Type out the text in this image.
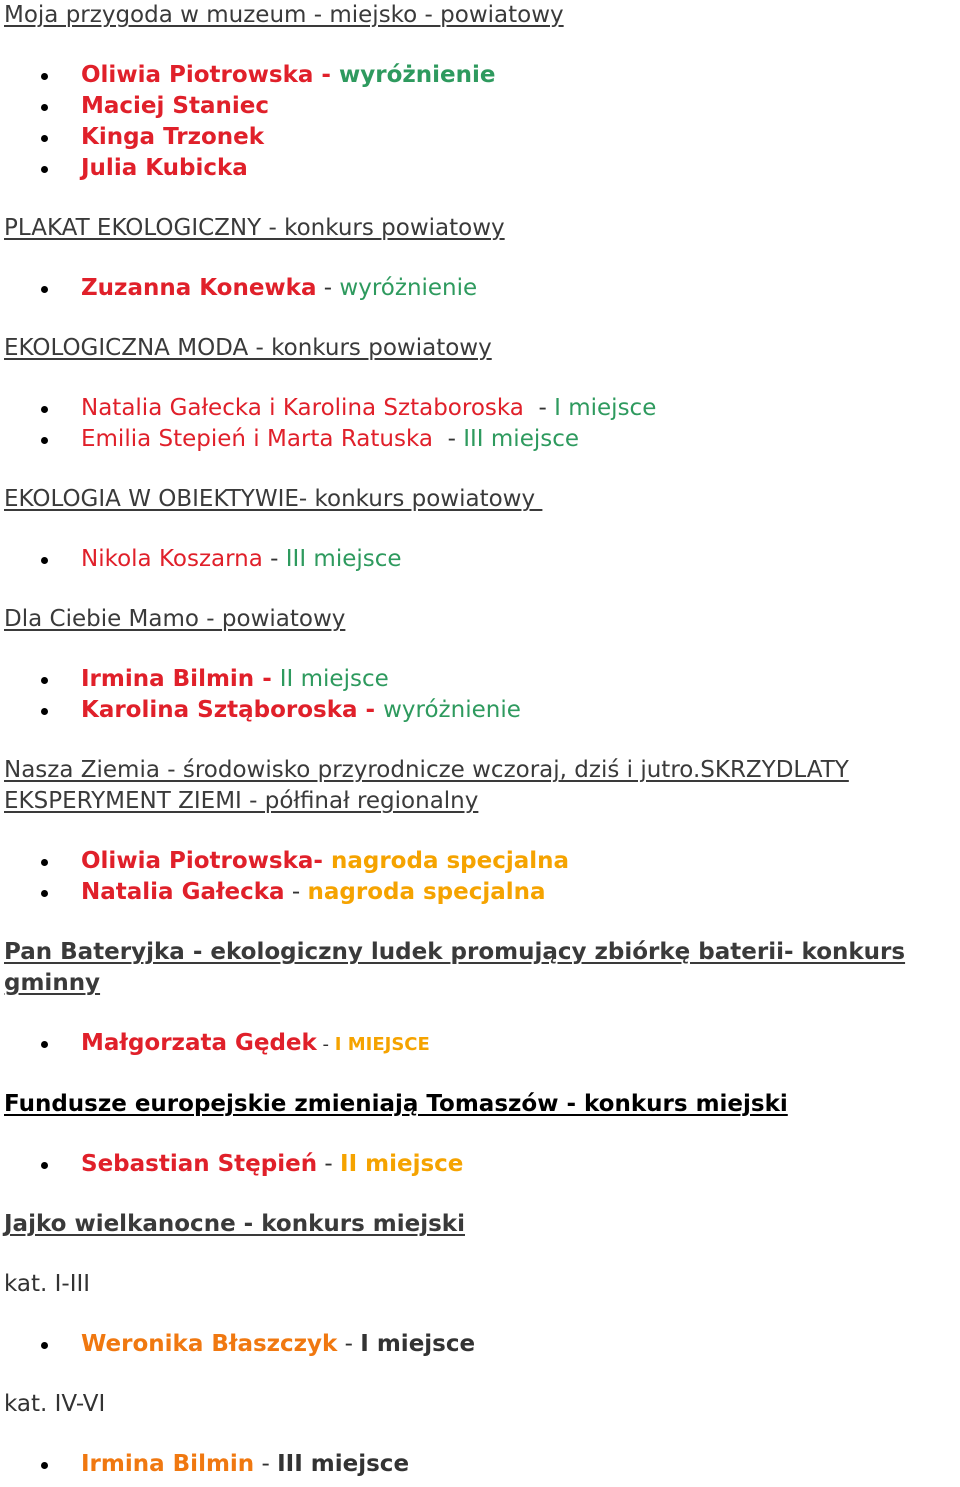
Moja przygoda w muzeum - miejsko - powiatowy
Oliwia Piotrowska - wyróżnienie
Maciej Staniec
Kinga Trzonek
Julia Kubicka
PLAKAT EKOLOGICZNY - konkurs powiatowy
Zuzanna Konewka - wyróżnienie
EKOLOGICZNA MODA - konkurs powiatowy
Natalia Gałecka i Karolina Sztaboroska  - I miejsce
Emilia Stepień i Marta Ratuska  - III miejsce
EKOLOGIA W OBIEKTYWIE- konkurs powiatowy
Nikola Koszarna - III miejsce
Dla Ciebie Mamo - powiatowy
Irmina Bilmin - II miejsce
Karolina Sztąboroska - wyróżnienie
Nasza Ziemia - środowisko przyrodnicze wczoraj, dziś i jutro.SKRZYDLATY EKSPERYMENT ZIEMI - półfinał regionalny
Oliwia Piotrowska- nagroda specjalna
Natalia Gałecka - nagroda specjalna
Pan Bateryjka - ekologiczny ludek promujący zbiórkę baterii- konkurs gminny
Małgorzata Gędek - I MIEJSCE
Fundusze europejskie zmieniają Tomaszów - konkurs miejski
Sebastian Stępień - II miejsce
Jajko wielkanocne - konkurs miejski

kat. I-III

Weronika Błaszczyk - I miejsce

kat. IV-VI

Irmina Bilmin - III miejsce
